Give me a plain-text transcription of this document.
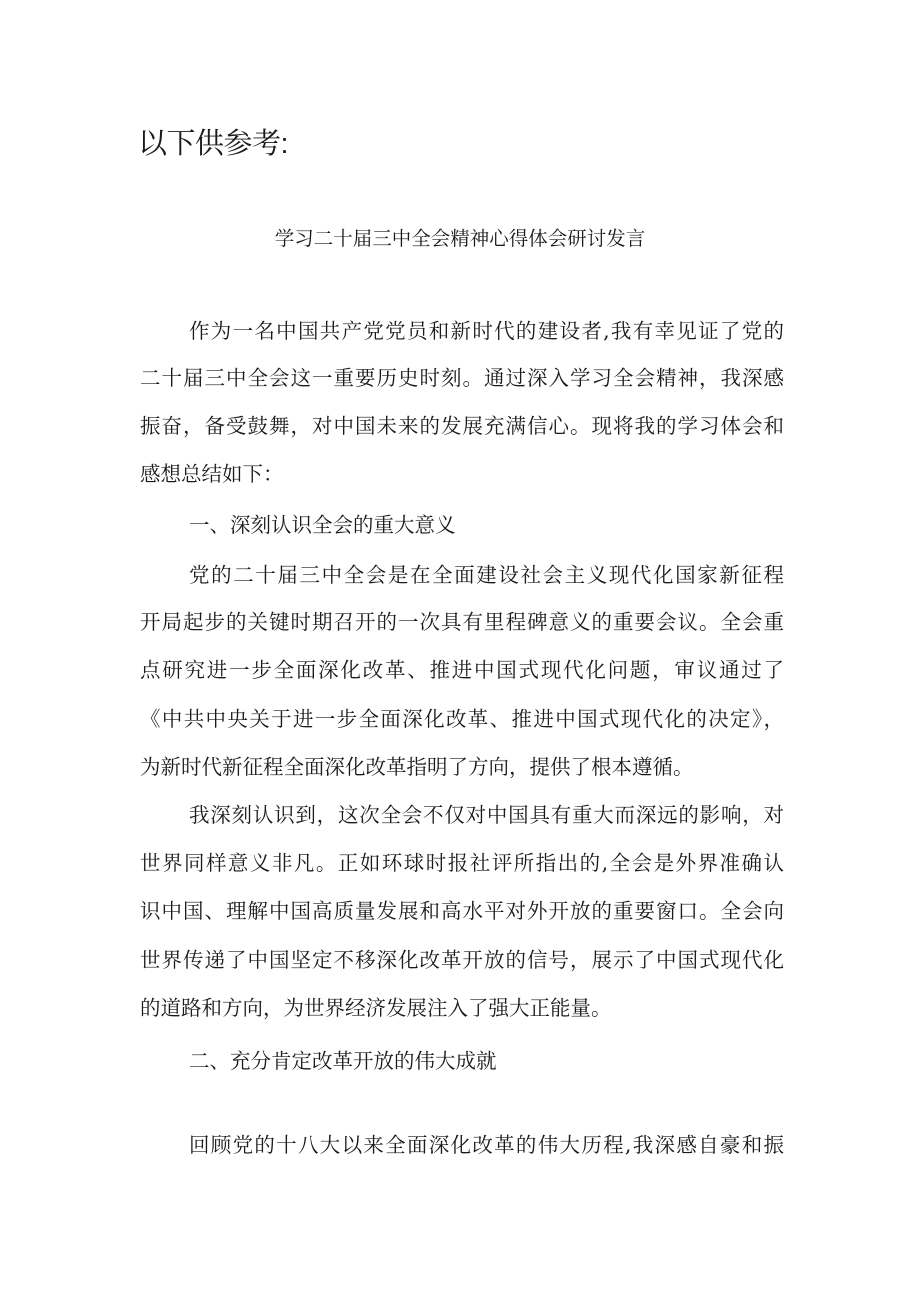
以下供参考:
学习二十届三中全会精神心得体会研讨发言
作为一名中国共产党党员和新时代的建设者,我有幸见证了党的
二十届三中全会这一重要历史时刻。通过深入学习全会精神，我深感
振奋，备受鼓舞，对中国未来的发展充满信心。现将我的学习体会和
感想总结如下：
一、深刻认识全会的重大意义
党的二十届三中全会是在全面建设社会主义现代化国家新征程
开局起步的关键时期召开的一次具有里程碑意义的重要会议。全会重
点研究进一步全面深化改革、推进中国式现代化问题，审议通过了
《中共中央关于进一步全面深化改革、推进中国式现代化的决定》，
为新时代新征程全面深化改革指明了方向，提供了根本遵循。
我深刻认识到，这次全会不仅对中国具有重大而深远的影响，对
世界同样意义非凡。正如环球时报社评所指出的,全会是外界准确认
识中国、理解中国高质量发展和高水平对外开放的重要窗口。全会向
世界传递了中国坚定不移深化改革开放的信号，展示了中国式现代化
的道路和方向，为世界经济发展注入了强大正能量。
二、充分肯定改革开放的伟大成就
回顾党的十八大以来全面深化改革的伟大历程,我深感自豪和振
